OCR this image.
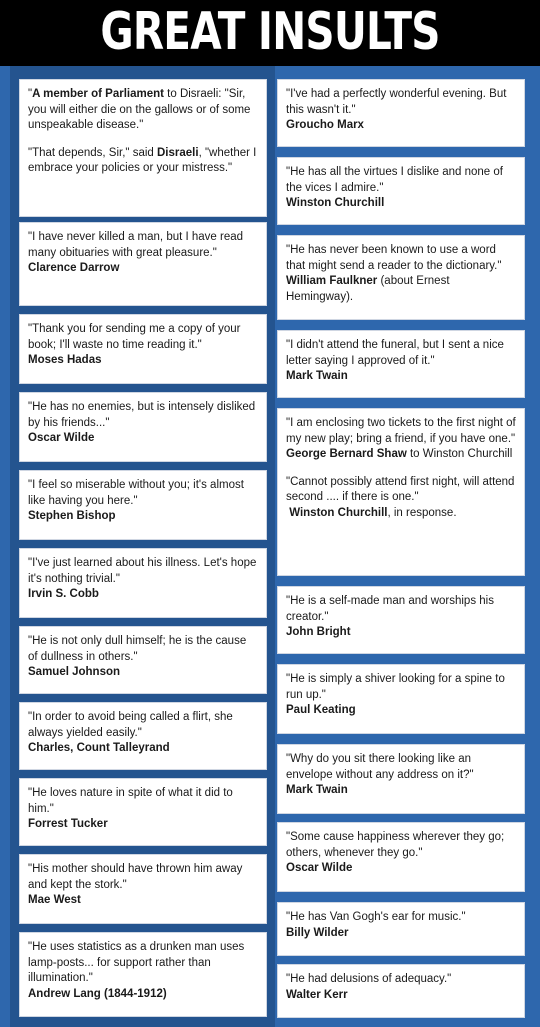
GREAT INSULTS
"A member of Parliament to Disraeli: "Sir, you will either die on the gallows or of some unspeakable disease."
"That depends, Sir," said Disraeli, "whether I embrace your policies or your mistress."
"I have never killed a man, but I have read many obituaries with great pleasure."
Clarence Darrow
"Thank you for sending me a copy of your book; I'll waste no time reading it."
Moses Hadas
"He has no enemies, but is intensely disliked by his friends..."
Oscar Wilde
"I feel so miserable without you; it's almost like having you here."
Stephen Bishop
"I've just learned about his illness. Let's hope it's nothing trivial."
Irvin S. Cobb
"He is not only dull himself; he is the cause of dullness in others."
Samuel Johnson
"In order to avoid being called a flirt, she always yielded easily."
Charles, Count Talleyrand
"He loves nature in spite of what it did to him."
Forrest Tucker
"His mother should have thrown him away and kept the stork."
Mae West
"He uses statistics as a drunken man uses lamp-posts... for support rather than illumination."
Andrew Lang (1844-1912)
"I've had a perfectly wonderful evening. But this wasn't it."
Groucho Marx
"He has all the virtues I dislike and none of the vices I admire."
Winston Churchill
"He has never been known to use a word that might send a reader to the dictionary." William Faulkner (about Ernest Hemingway).
"I didn't attend the funeral, but I sent a nice letter saying I approved of it."
Mark Twain
"I am enclosing two tickets to the first night of my new play; bring a friend, if you have one."
George Bernard Shaw to Winston Churchill
"Cannot possibly attend first night, will attend second .... if there is one."
Winston Churchill, in response.
"He is a self-made man and worships his creator."
John Bright
"He is simply a shiver looking for a spine to run up."
Paul Keating
"Why do you sit there looking like an envelope without any address on it?"
Mark Twain
"Some cause happiness wherever they go; others, whenever they go."
Oscar Wilde
"He has Van Gogh's ear for music."
Billy Wilder
"He had delusions of adequacy."
Walter Kerr
